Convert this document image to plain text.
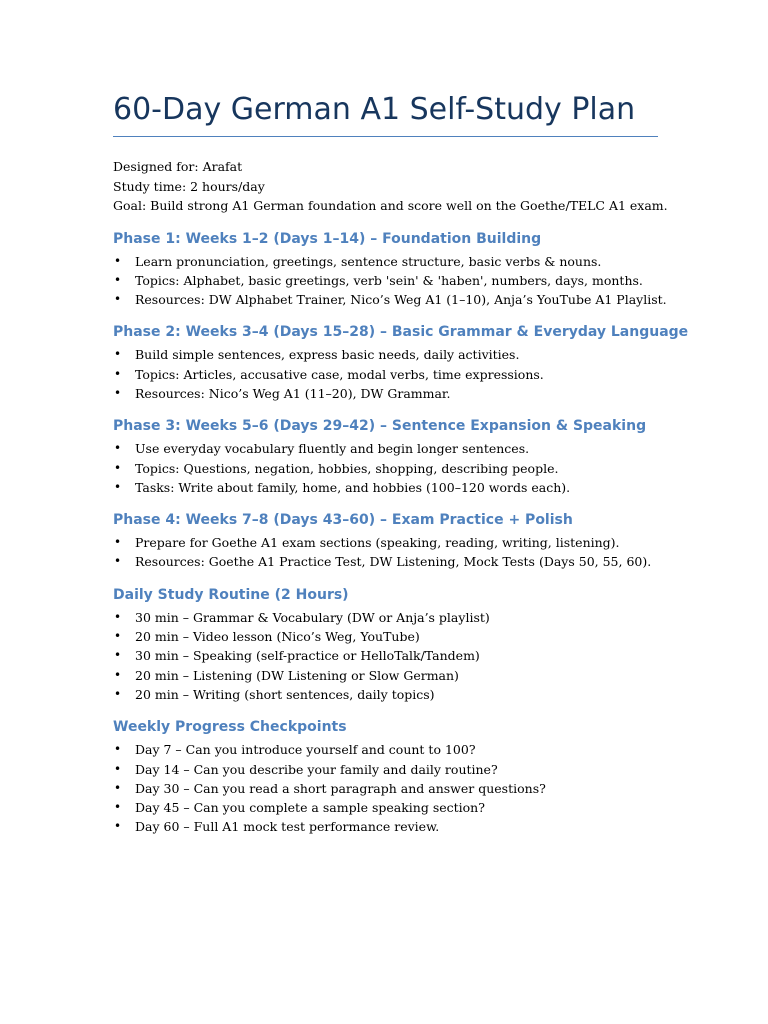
60-Day German A1 Self-Study Plan
Designed for: Arafat
Study time: 2 hours/day
Goal: Build strong A1 German foundation and score well on the Goethe/TELC A1 exam.
Phase 1: Weeks 1–2 (Days 1–14) – Foundation Building
• Learn pronunciation, greetings, sentence structure, basic verbs & nouns.
• Topics: Alphabet, basic greetings, verb 'sein' & 'haben', numbers, days, months.
• Resources: DW Alphabet Trainer, Nico’s Weg A1 (1–10), Anja’s YouTube A1 Playlist.
Phase 2: Weeks 3–4 (Days 15–28) – Basic Grammar & Everyday Language
• Build simple sentences, express basic needs, daily activities.
• Topics: Articles, accusative case, modal verbs, time expressions.
• Resources: Nico’s Weg A1 (11–20), DW Grammar.
Phase 3: Weeks 5–6 (Days 29–42) – Sentence Expansion & Speaking
• Use everyday vocabulary fluently and begin longer sentences.
• Topics: Questions, negation, hobbies, shopping, describing people.
• Tasks: Write about family, home, and hobbies (100–120 words each).
Phase 4: Weeks 7–8 (Days 43–60) – Exam Practice + Polish
• Prepare for Goethe A1 exam sections (speaking, reading, writing, listening).
• Resources: Goethe A1 Practice Test, DW Listening, Mock Tests (Days 50, 55, 60).
Daily Study Routine (2 Hours)
• 30 min – Grammar & Vocabulary (DW or Anja’s playlist)
• 20 min – Video lesson (Nico’s Weg, YouTube)
• 30 min – Speaking (self-practice or HelloTalk/Tandem)
• 20 min – Listening (DW Listening or Slow German)
• 20 min – Writing (short sentences, daily topics)
Weekly Progress Checkpoints
• Day 7 – Can you introduce yourself and count to 100?
• Day 14 – Can you describe your family and daily routine?
• Day 30 – Can you read a short paragraph and answer questions?
• Day 45 – Can you complete a sample speaking section?
• Day 60 – Full A1 mock test performance review.
